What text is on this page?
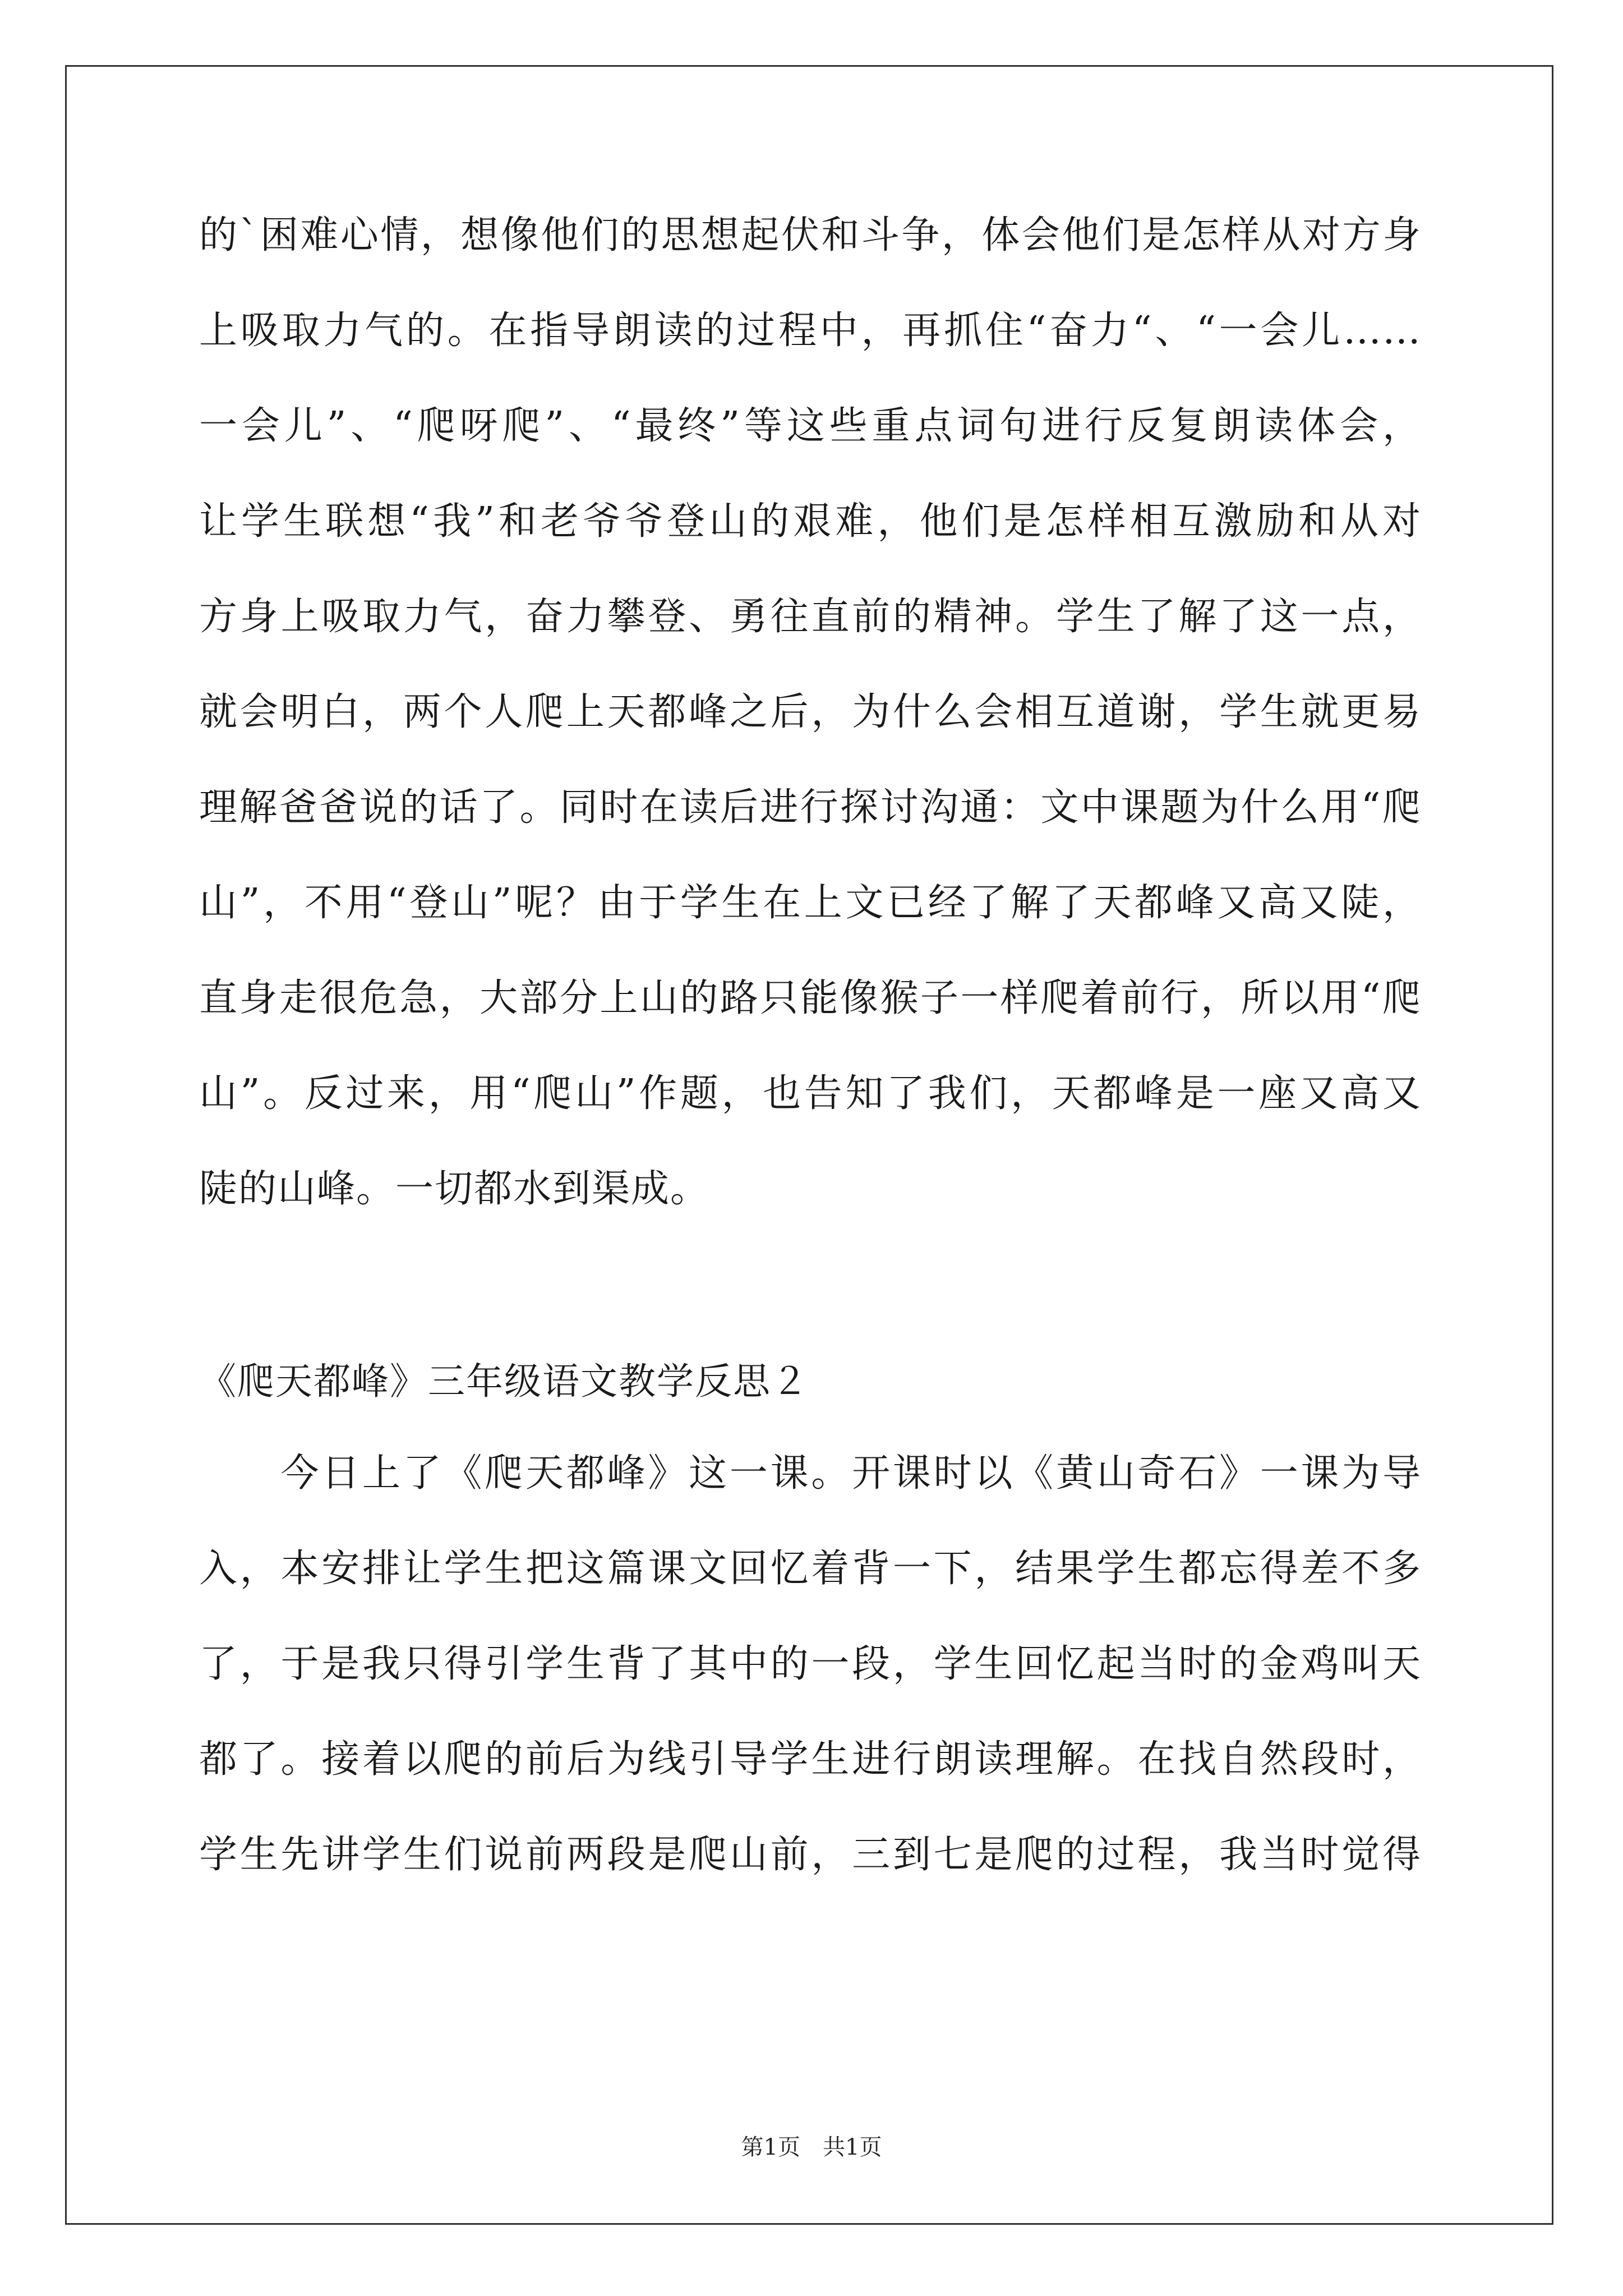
的`困难心情，想像他们的思想起伏和斗争，体会他们是怎样从对方身
上吸取力气的。在指导朗读的过程中，再抓住“奋力“、“一会儿……
一会儿”、“爬呀爬”、“最终”等这些重点词句进行反复朗读体会，
让学生联想“我”和老爷爷登山的艰难，他们是怎样相互激励和从对
方身上吸取力气，奋力攀登、勇往直前的精神。学生了解了这一点，
就会明白，两个人爬上天都峰之后，为什么会相互道谢，学生就更易
理解爸爸说的话了。同时在读后进行探讨沟通：文中课题为什么用“爬
山”，不用“登山”呢？由于学生在上文已经了解了天都峰又高又陡，
直身走很危急，大部分上山的路只能像猴子一样爬着前行，所以用“爬
山”。反过来，用“爬山”作题，也告知了我们，天都峰是一座又高又
陡的山峰。一切都水到渠成。
　　今日上了《爬天都峰》这一课。开课时以《黄山奇石》一课为导
入，本安排让学生把这篇课文回忆着背一下，结果学生都忘得差不多
了，于是我只得引学生背了其中的一段，学生回忆起当时的金鸡叫天
都了。接着以爬的前后为线引导学生进行朗读理解。在找自然段时，
学生先讲学生们说前两段是爬山前，三到七是爬的过程，我当时觉得
《爬天都峰》三年级语文教学反思２
第1页　共1页
